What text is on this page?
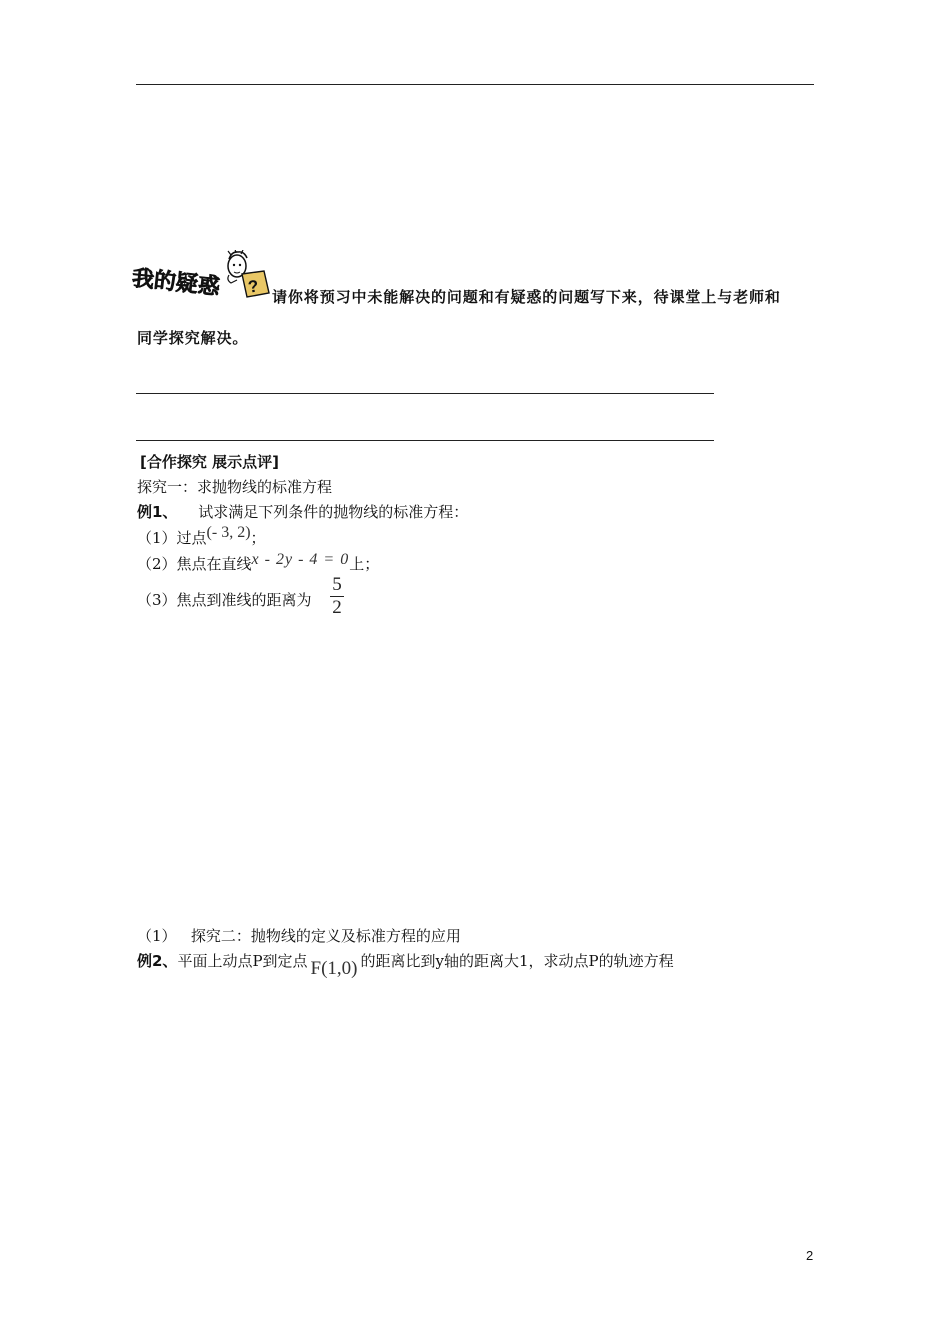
?
我的疑惑	请你将预习中未能解决的问题和有疑惑的问题写下来，待课堂上与老师和
同学探究解决。
[合作探究 展示点评]
探究一：求抛物线的标准方程
例1、 试求满足下列条件的抛物线的标准方程：
（1）过点(- 3, 2)；
（2）焦点在直线x - 2y - 4 = 0上；
（3）焦点到准线的距离为
5
2
（1）   探究二：抛物线的定义及标准方程的应用
例2、平面上动点P到定点 F(1,0) 的距离比到y轴的距离大1，求动点P的轨迹方程
2
